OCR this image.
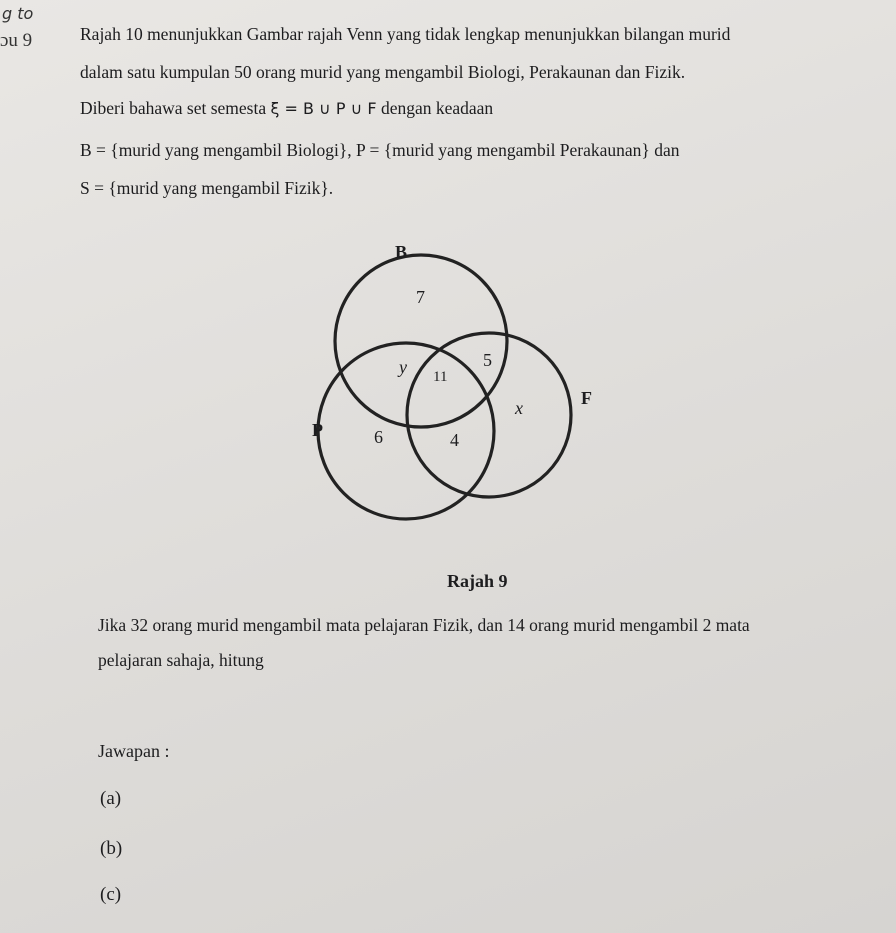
g to
ɔu 9	Rajah 10 menunjukkan Gambar rajah Venn yang tidak lengkap menunjukkan bilangan murid
dalam satu kumpulan 50 orang murid yang mengambil Biologi, Perakaunan dan Fizik.
Diberi bahawa set semesta ξ = B ∪ P ∪ F dengan keadaan
B = {murid yang mengambil Biologi}, P = {murid yang mengambil Perakaunan} dan
S = {murid yang mengambil Fizik}.
B
P
F
7
y 11
5
x
6	4
Rajah 9
Jika 32 orang murid mengambil mata pelajaran Fizik, dan 14 orang murid mengambil 2 mata
pelajaran sahaja, hitung
Jawapan :
(a)
(b)
(c)
